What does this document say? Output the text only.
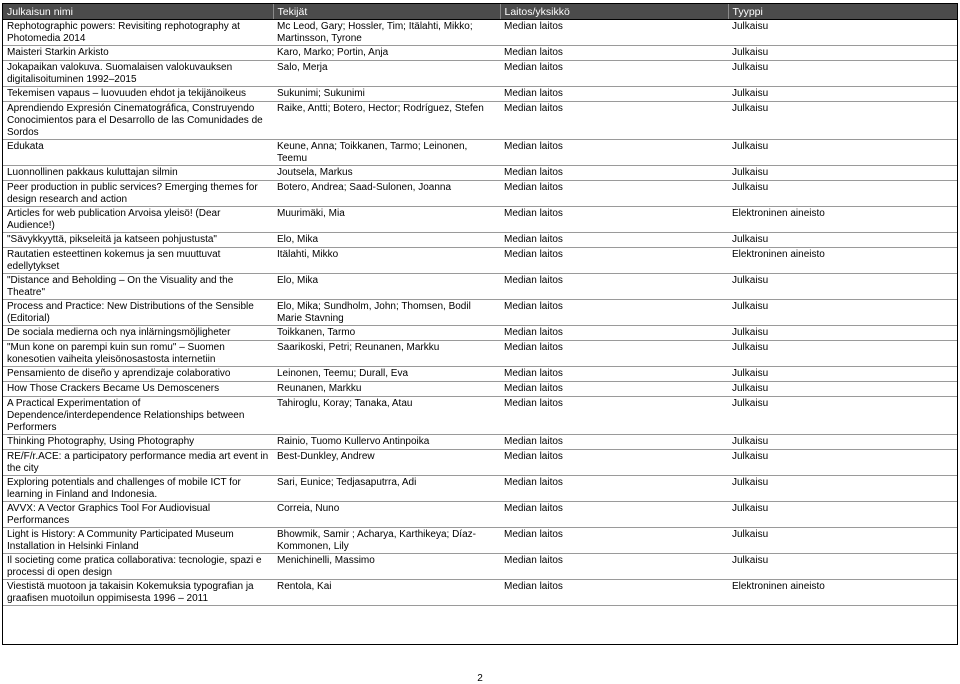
Julkaisun nimi	Tekijät	Laitos/yksikkö	Tyyppi
Rephotographic powers: Revisiting rephotography at Photomedia 2014	Mc Leod, Gary; Hossler, Tim; Itälahti, Mikko; Martinsson, Tyrone	Median laitos	Julkaisu
Maisteri Starkin Arkisto	Karo, Marko; Portin, Anja	Median laitos	Julkaisu
Jokapaikan valokuva. Suomalaisen valokuvauksen digitalisoituminen 1992–2015	Salo, Merja	Median laitos	Julkaisu
Tekemisen vapaus – luovuuden ehdot ja tekijänoikeus	Sukunimi; Sukunimi	Median laitos	Julkaisu
Aprendiendo Expresión Cinematográfica, Construyendo Conocimientos para el Desarrollo de las Comunidades de Sordos	Raike, Antti; Botero, Hector; Rodríguez, Stefen	Median laitos	Julkaisu
Edukata	Keune, Anna; Toikkanen, Tarmo; Leinonen, Teemu	Median laitos	Julkaisu
Luonnollinen pakkaus kuluttajan silmin	Joutsela, Markus	Median laitos	Julkaisu
Peer production in public services? Emerging themes for design research and action	Botero, Andrea; Saad-Sulonen, Joanna	Median laitos	Julkaisu
Articles for web publication Arvoisa yleisö! (Dear Audience!)	Muurimäki, Mia	Median laitos	Elektroninen aineisto
"Sävykkyyttä, pikseleitä ja katseen pohjustusta"	Elo, Mika	Median laitos	Julkaisu
Rautatien esteettinen kokemus ja sen muuttuvat edellytykset	Itälahti, Mikko	Median laitos	Elektroninen aineisto
"Distance and Beholding – On the Visuality and the Theatre"	Elo, Mika	Median laitos	Julkaisu
Process and Practice: New Distributions of the Sensible (Editorial)	Elo, Mika; Sundholm, John; Thomsen, Bodil Marie Stavning	Median laitos	Julkaisu
De sociala medierna och nya inlärningsmöjligheter	Toikkanen, Tarmo	Median laitos	Julkaisu
"Mun kone on parempi kuin sun romu" – Suomen konesotien vaiheita yleisönosastosta internetiin	Saarikoski, Petri; Reunanen, Markku	Median laitos	Julkaisu
Pensamiento de diseño y aprendizaje colaborativo	Leinonen, Teemu; Durall, Eva	Median laitos	Julkaisu
How Those Crackers Became Us Demosceners	Reunanen, Markku	Median laitos	Julkaisu
A Practical Experimentation of Dependence/interdependence Relationships between Performers	Tahiroglu, Koray; Tanaka, Atau	Median laitos	Julkaisu
Thinking Photography, Using Photography	Rainio, Tuomo Kullervo Antinpoika	Median laitos	Julkaisu
RE/F/r.ACE: a participatory performance media art event in the city	Best-Dunkley, Andrew	Median laitos	Julkaisu
Exploring potentials and challenges of mobile ICT for learning in Finland and Indonesia.	Sari, Eunice; Tedjasaputrra, Adi	Median laitos	Julkaisu
AVVX: A Vector Graphics Tool For Audiovisual Performances	Correia, Nuno	Median laitos	Julkaisu
Light is History: A Community Participated Museum Installation in Helsinki Finland	Bhowmik, Samir ; Acharya, Karthikeya; Díaz-Kommonen, Lily	Median laitos	Julkaisu
Il societing come pratica collaborativa: tecnologie, spazi e processi di open design	Menichinelli, Massimo	Median laitos	Julkaisu
Viestistä muotoon ja takaisin Kokemuksia typografian ja graafisen muotoilun oppimisesta 1996 – 2011	Rentola, Kai	Median laitos	Elektroninen aineisto
2
